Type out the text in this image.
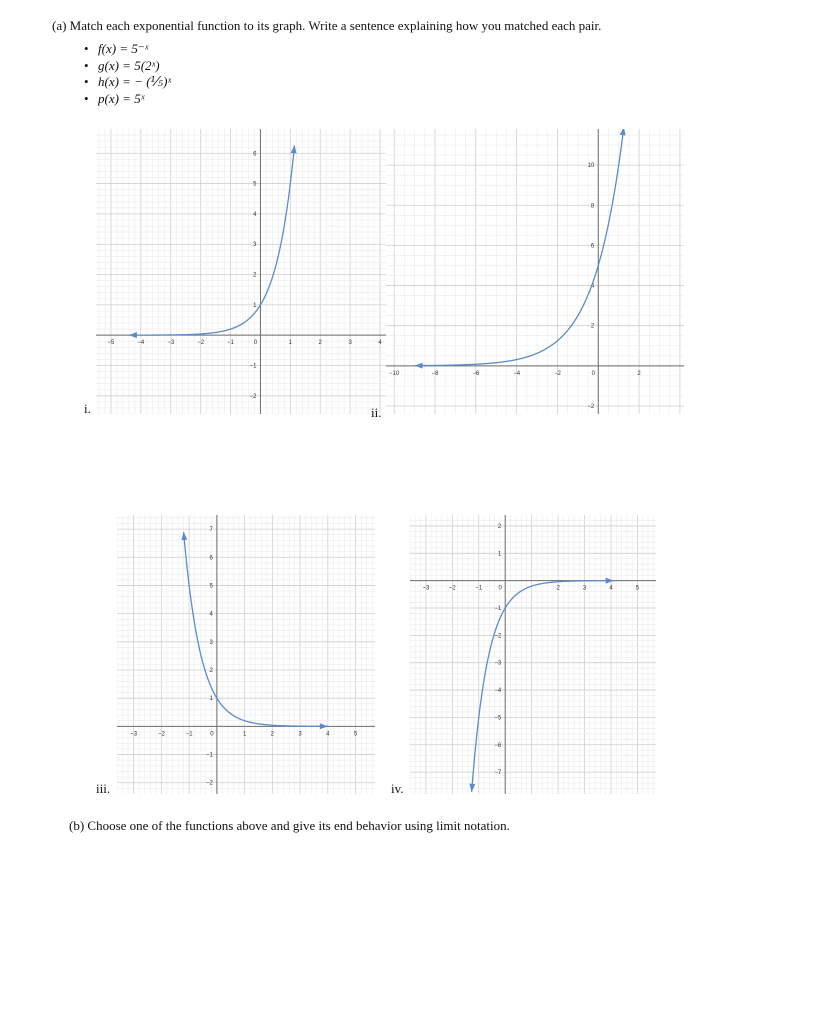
(a) Match each exponential function to its graph. Write a sentence explaining how you matched each pair.
• f(x) = 5⁻ˣ
• g(x) = 5(2ˣ)
• h(x) = − (⅕)ˣ
• p(x) = 5ˣ
−5	−4	−3	−2	−1	0	1	2	3	4
6
5
4
3
2
1
−1
−2
i.
−10	−8	−6	−4	−2	0	2
10
8
6
4
2
−2
ii.
−3	−2	−1	0	1	2	3	4	5
7
6
5
4
3
2
1
−1
−2
iii.
−3	−2	−1	0	2	3	4	5
2
1
−1
−2
−3
−4
−5
−6
−7
iv.
(b) Choose one of the functions above and give its end behavior using limit notation.
